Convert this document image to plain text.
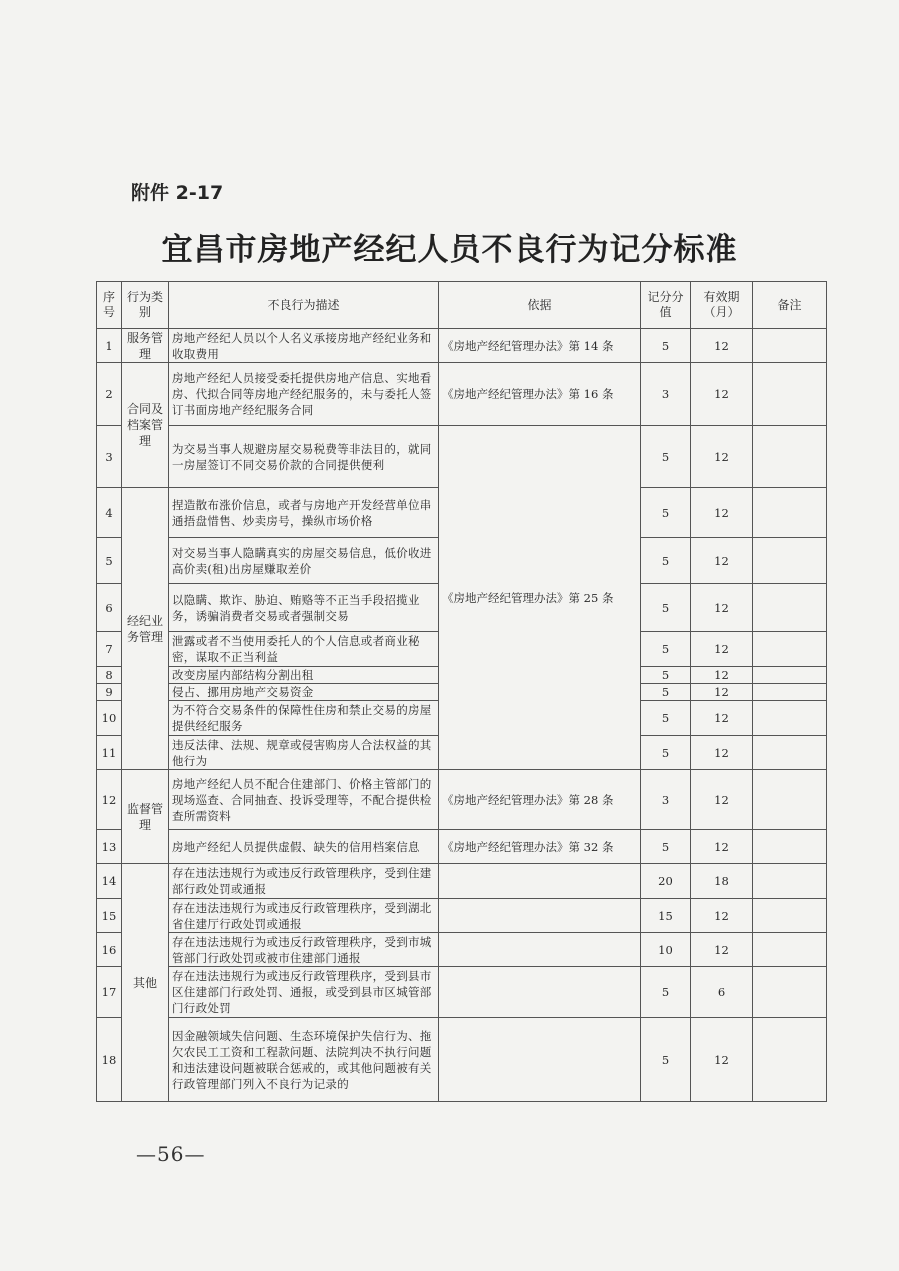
附件 2-17
宜昌市房地产经纪人员不良行为记分标准
序号	行为类别	不良行为描述	依据	记分分值	有效期（月）	备注
1	服务管理	房地产经纪人员以个人名义承接房地产经纪业务和收取费用	《房地产经纪管理办法》第 14 条	5	12	
2	合同及档案管理	房地产经纪人员接受委托提供房地产信息、实地看房、代拟合同等房地产经纪服务的，未与委托人签订书面房地产经纪服务合同	《房地产经纪管理办法》第 16 条	3	12	
3		为交易当事人规避房屋交易税费等非法目的，就同一房屋签订不同交易价款的合同提供便利	《房地产经纪管理办法》第 25 条	5	12	
4	经纪业务管理	捏造散布涨价信息，或者与房地产开发经营单位串通捂盘惜售、炒卖房号，操纵市场价格		5	12	
5		对交易当事人隐瞒真实的房屋交易信息，低价收进高价卖(租)出房屋赚取差价		5	12	
6		以隐瞒、欺诈、胁迫、贿赂等不正当手段招揽业务，诱骗消费者交易或者强制交易		5	12	
7		泄露或者不当使用委托人的个人信息或者商业秘密，谋取不正当利益		5	12	
8		改变房屋内部结构分割出租		5	12	
9		侵占、挪用房地产交易资金		5	12	
10		为不符合交易条件的保障性住房和禁止交易的房屋提供经纪服务		5	12	
11		违反法律、法规、规章或侵害购房人合法权益的其他行为		5	12	
12	监督管理	房地产经纪人员不配合住建部门、价格主管部门的现场巡查、合同抽查、投诉受理等，不配合提供检查所需资料	《房地产经纪管理办法》第 28 条	3	12	
13		房地产经纪人员提供虚假、缺失的信用档案信息	《房地产经纪管理办法》第 32 条	5	12	
14	其他	存在违法违规行为或违反行政管理秩序，受到住建部行政处罚或通报		20	18	
15		存在违法违规行为或违反行政管理秩序，受到湖北省住建厅行政处罚或通报		15	12	
16		存在违法违规行为或违反行政管理秩序，受到市城管部门行政处罚或被市住建部门通报		10	12	
17		存在违法违规行为或违反行政管理秩序，受到县市区住建部门行政处罚、通报，或受到县市区城管部门行政处罚		5	6	
18		因金融领域失信问题、生态环境保护失信行为、拖欠农民工工资和工程款问题、法院判决不执行问题和违法建设问题被联合惩戒的，或其他问题被有关行政管理部门列入不良行为记录的		5	12	
—56—
